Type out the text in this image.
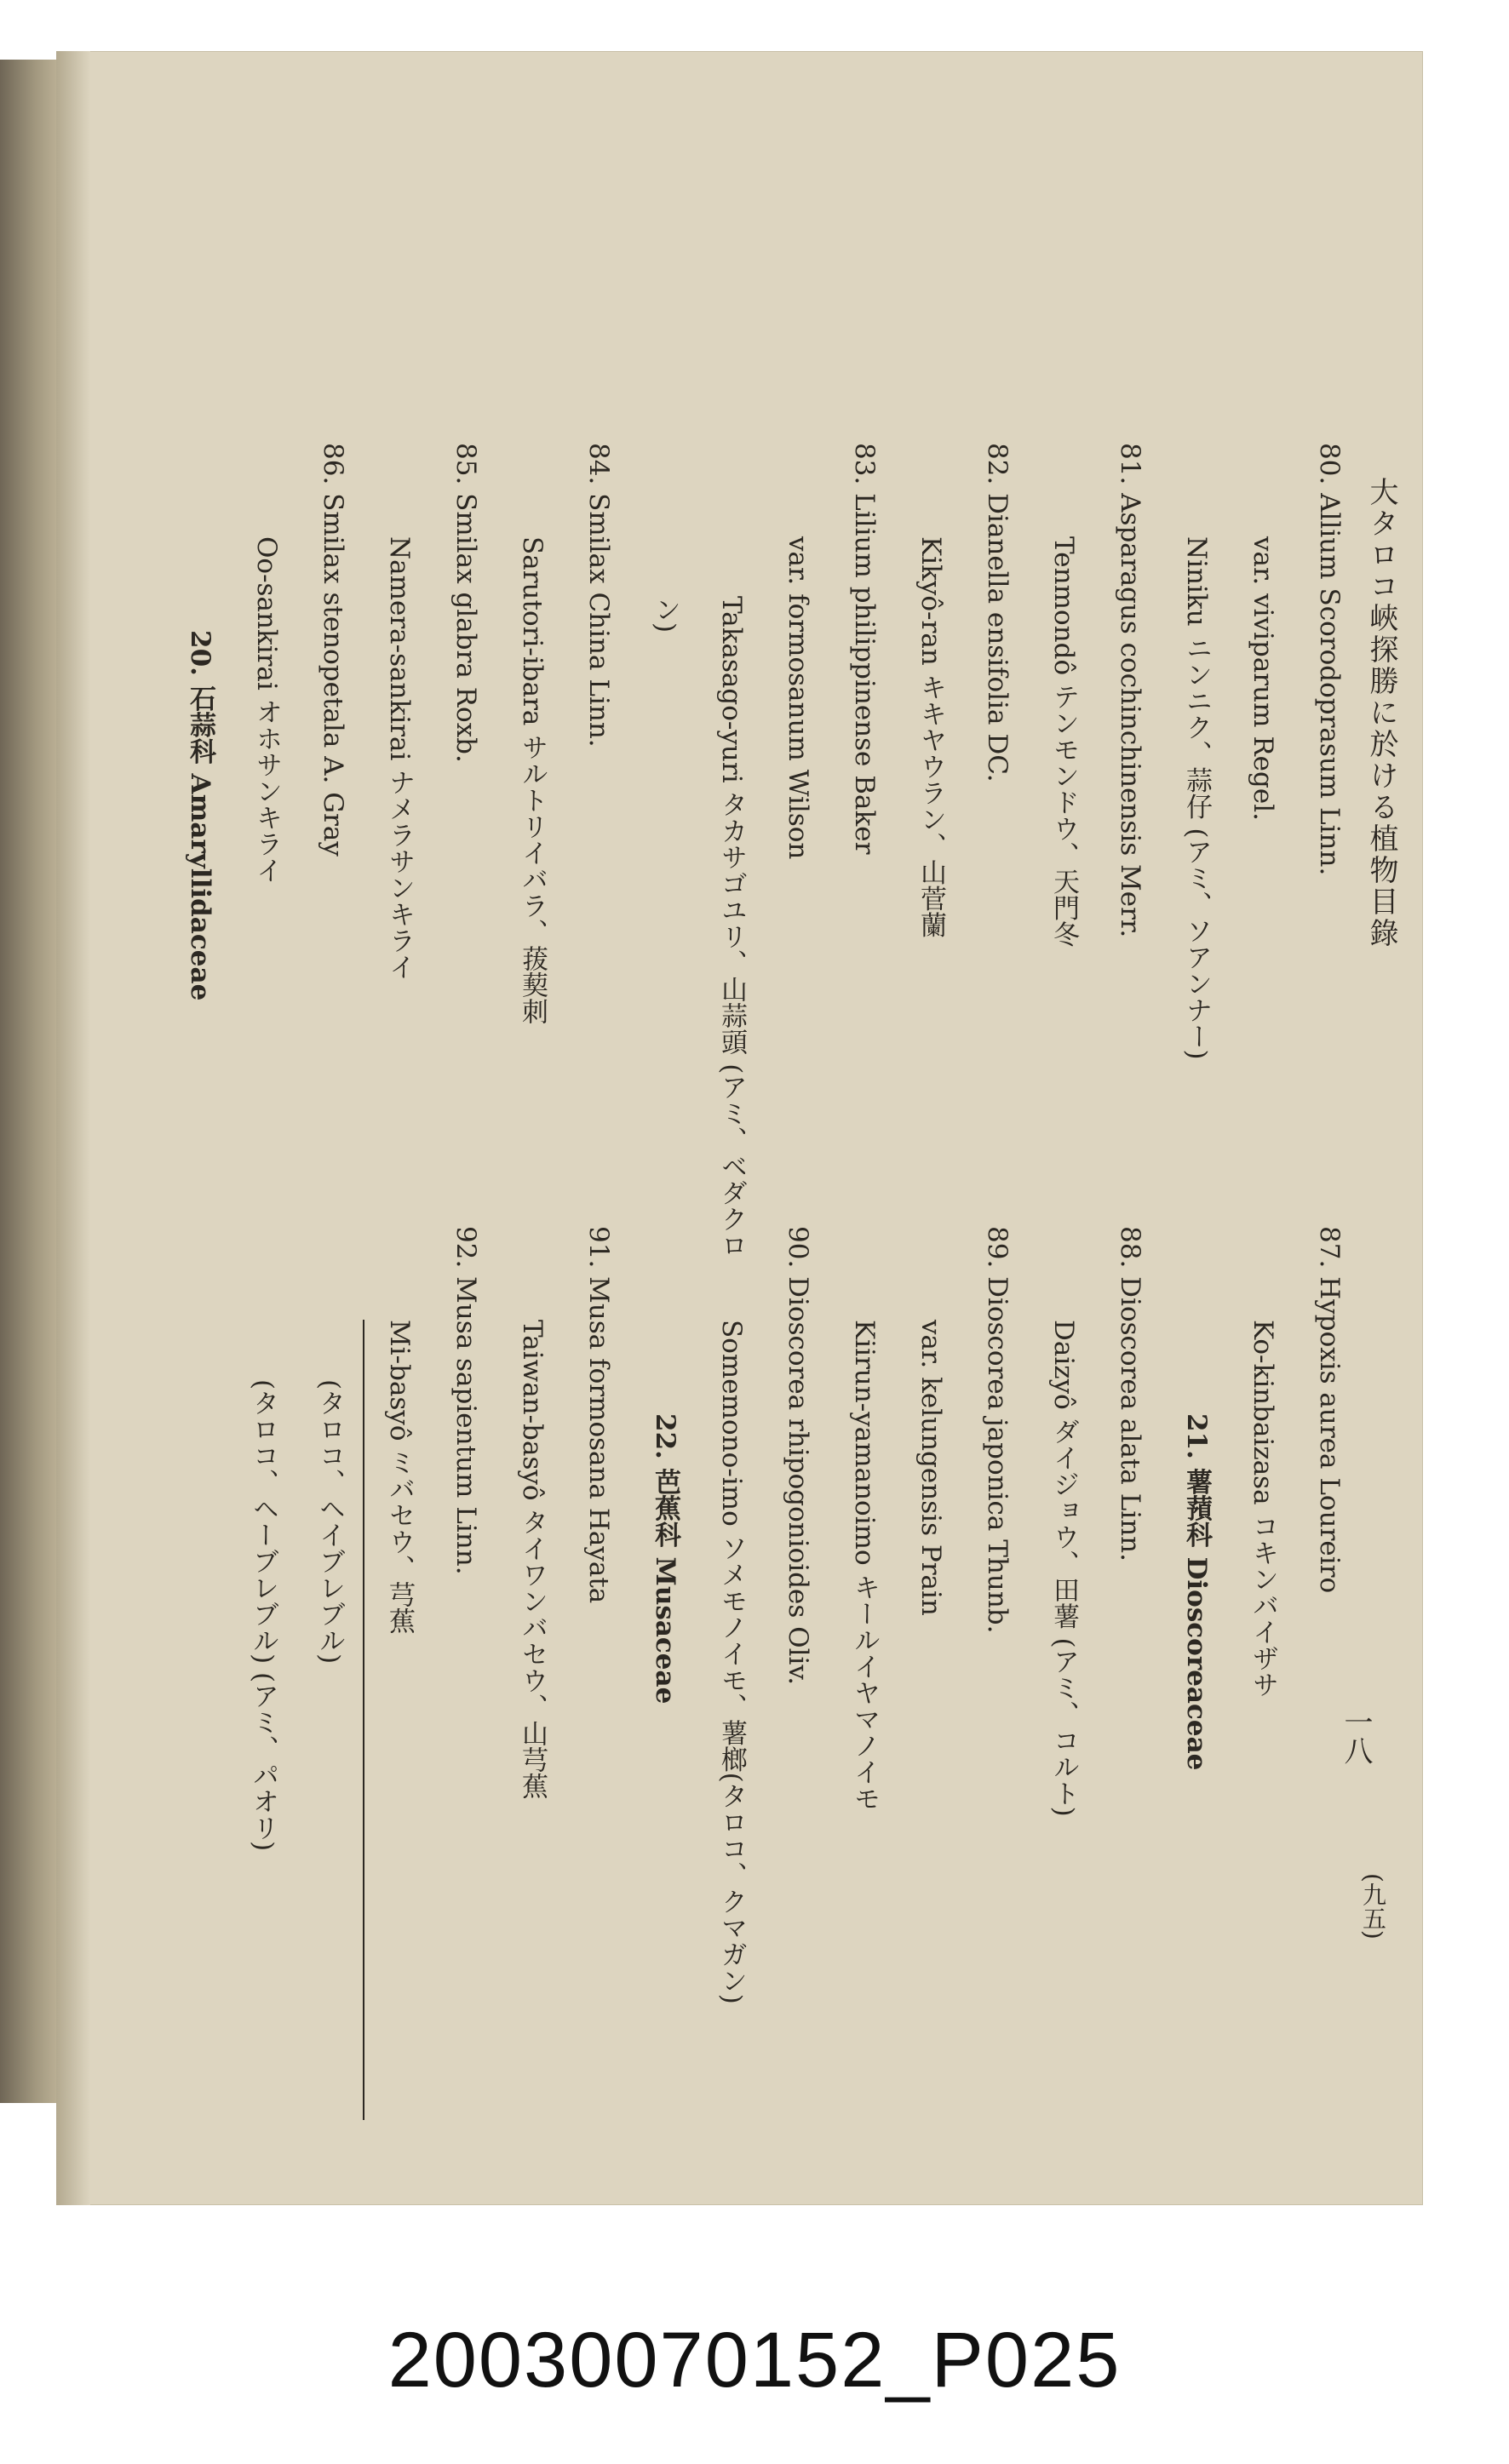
大タロコ峽探勝に於ける植物目錄
一八
(九五)
80. Allium Scorodoprasum Linn.
var. viviparum Regel.
Niniku ニンニク、蒜仔 (アミ、ソアンナー)
81. Asparagus cochinchinensis Merr.
Tenmondô テンモンドウ、天門冬
82. Dianella ensifolia DC.
Kikyô-ran キキヤウラン、山菅蘭
83. Lilium philippinense Baker
var. formosanum Wilson
Takasago-yuri タカサゴユリ、山蒜頭 (アミ、ベダクロン)
84. Smilax China Linn.
Sarutori-ibara サルトリイバラ、菝葜刺
85. Smilax glabra Roxb.
Namera-sankirai ナメラサンキライ
86. Smilax stenopetala A. Gray
Oo-sankirai オホサンキライ
20. 石蒜科 Amaryllidaceae
87. Hypoxis aurea Loureiro
Ko-kinbaizasa コキンバイザサ
21. 薯蕷科 Dioscoreaceae
88. Dioscorea alata Linn.
Daizyô ダイジョウ、田薯 (アミ、コルト)
89. Dioscorea japonica Thunb.
var. kelungensis Prain
Kiirun-yamanoimo キールイヤマノイモ
90. Dioscorea rhipogonioides Oliv.
Somemono-imo ソメモノイモ、薯榔(タロコ、クマガン)
22. 芭蕉科 Musaceae
91. Musa formosana Hayata
Taiwan-basyô タイワンバセウ、山芎蕉
92. Musa sapientum Linn.
Mi-basyô ミバセウ、芎蕉
(タロコ、ヘイブレブル)
(タロコ、ヘーブレブル) (アミ、パオリ)
20030070152_P025
